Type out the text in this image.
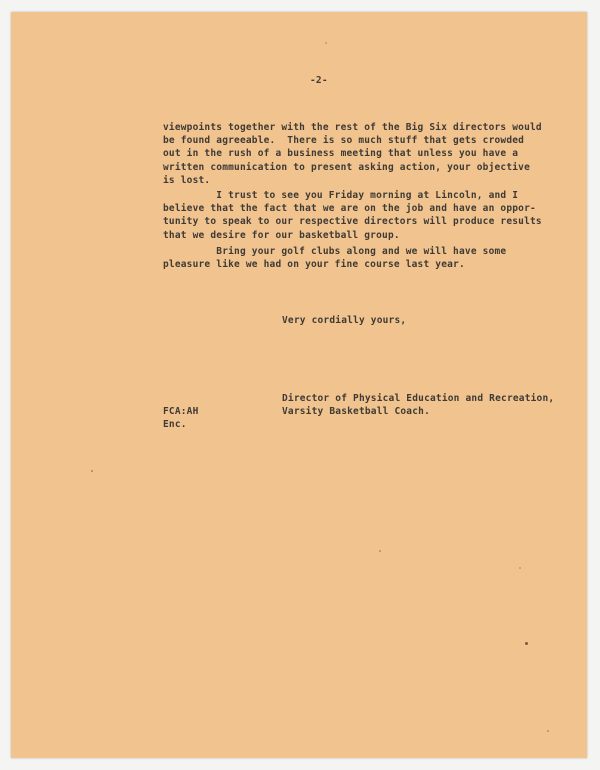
-2-

viewpoints together with the rest of the Big Six directors would
be found agreeable.  There is so much stuff that gets crowded
out in the rush of a business meeting that unless you have a
written communication to present asking action, your objective
is lost.

I trust to see you Friday morning at Lincoln, and I
believe that the fact that we are on the job and have an oppor-
tunity to speak to our respective directors will produce results
that we desire for our basketball group.

Bring your golf clubs along and we will have some
pleasure like we had on your fine course last year.

Very cordially yours,

Director of Physical Education and Recreation,
Varsity Basketball Coach.

FCA:AH
Enc.
